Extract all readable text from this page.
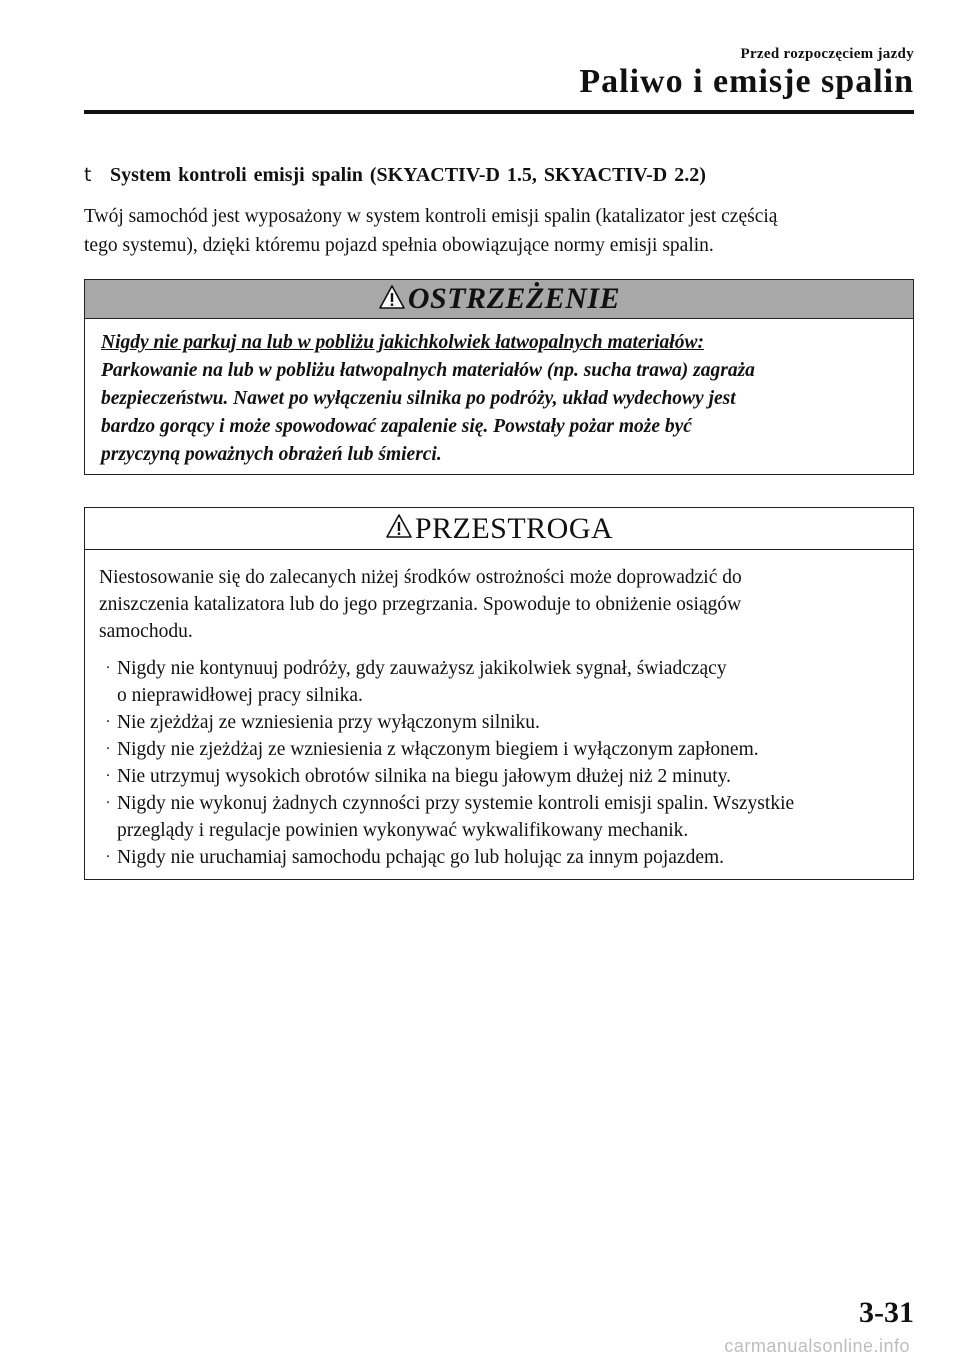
Przed rozpoczęciem jazdy
Paliwo i emisje spalin
t System kontroli emisji spalin (SKYACTIV-D 1.5, SKYACTIV-D 2.2)

Twój samochód jest wyposażony w system kontroli emisji spalin (katalizator jest częścią

tego systemu), dzięki któremu pojazd spełnia obowiązujące normy emisji spalin.

OSTRZEŻENIE

Nigdy nie parkuj na lub w pobliżu jakichkolwiek łatwopalnych materiałów:

Parkowanie na lub w pobliżu łatwopalnych materiałów (np. sucha trawa) zagraża

bezpieczeństwu. Nawet po wyłączeniu silnika po podróży, układ wydechowy jest

bardzo gorący i może spowodować zapalenie się. Powstały pożar może być

przyczyną poważnych obrażeń lub śmierci.

PRZESTROGA

Niestosowanie się do zalecanych niżej środków ostrożności może doprowadzić do

zniszczenia katalizatora lub do jego przegrzania. Spowoduje to obniżenie osiągów

samochodu.

· Nigdy nie kontynuuj podróży, gdy zauważysz jakikolwiek sygnał, świadczący
o nieprawidłowej pracy silnika.
· Nie zjeżdżaj ze wzniesienia przy wyłączonym silniku.
· Nigdy nie zjeżdżaj ze wzniesienia z włączonym biegiem i wyłączonym zapłonem.
· Nie utrzymuj wysokich obrotów silnika na biegu jałowym dłużej niż 2 minuty.
· Nigdy nie wykonuj żadnych czynności przy systemie kontroli emisji spalin. Wszystkie
przeglądy i regulacje powinien wykonywać wykwalifikowany mechanik.
· Nigdy nie uruchamiaj samochodu pchając go lub holując za innym pojazdem.
3-31
carmanualsonline.info
